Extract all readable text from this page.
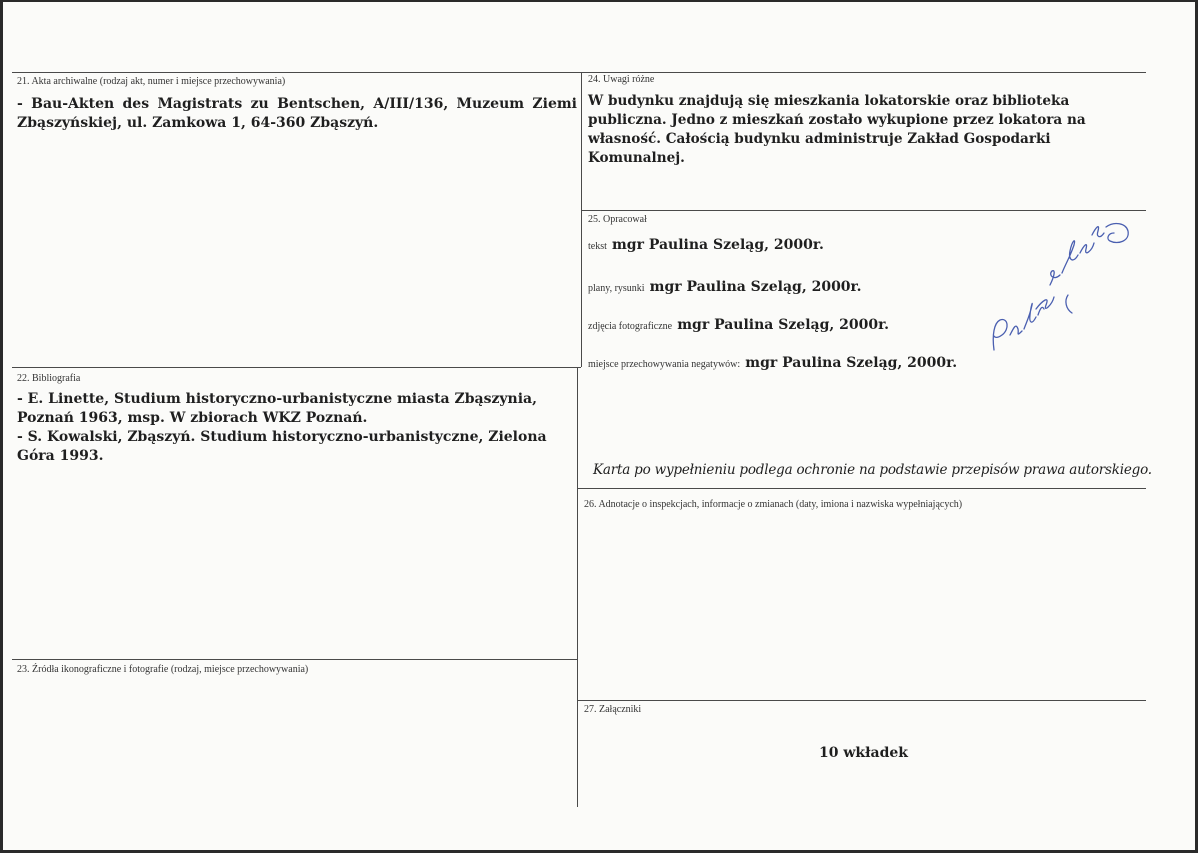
21. Akta archiwalne (rodzaj akt, numer i miejsce przechowywania)
- Bau-Akten des Magistrats zu Bentschen, A/III/136, Muzeum Ziemi Zbąszyńskiej, ul. Zamkowa 1, 64-360 Zbąszyń.
22. Bibliografia
- E. Linette, Studium historyczno-urbanistyczne miasta Zbąszynia, Poznań 1963, msp. W zbiorach WKZ Poznań.
- S. Kowalski, Zbąszyń. Studium historyczno-urbanistyczne, Zielona Góra 1993.
23. Źródła ikonograficzne i fotografie (rodzaj, miejsce przechowywania)
24. Uwagi różne
W budynku znajdują się mieszkania lokatorskie oraz biblioteka publiczna. Jedno z mieszkań zostało wykupione przez lokatora na własność. Całością budynku administruje Zakład Gospodarki Komunalnej.
25. Opracował
tekst mgr Paulina Szeląg, 2000r.
plany, rysunki mgr Paulina Szeląg, 2000r.
zdjęcia fotograficzne mgr Paulina Szeląg, 2000r.
miejsce przechowywania negatywów: mgr Paulina Szeląg, 2000r.
Karta po wypełnieniu podlega ochronie na podstawie przepisów prawa autorskiego.
26. Adnotacje o inspekcjach, informacje o zmianach (daty, imiona i nazwiska wypełniających)
27. Załączniki
10 wkładek
